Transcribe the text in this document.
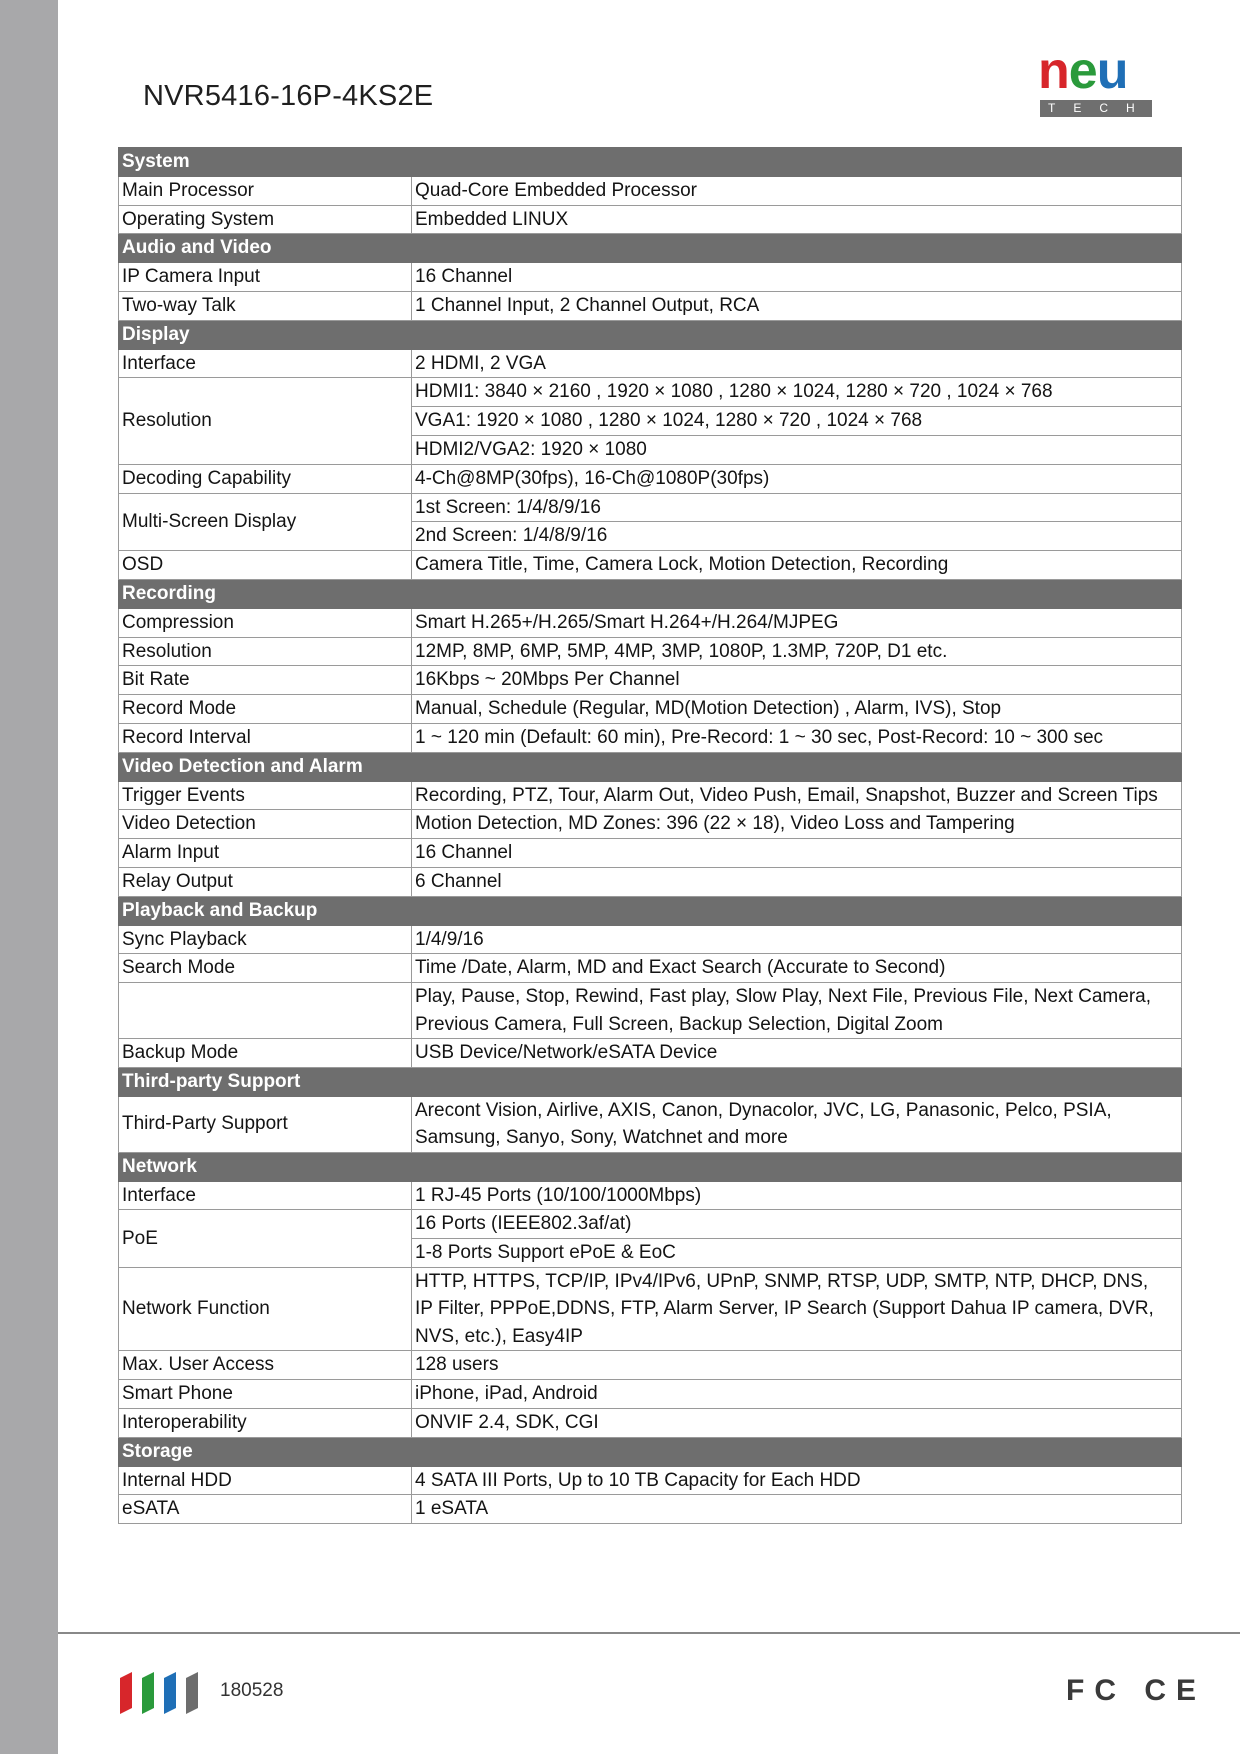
NVR5416-16P-4KS2E	neu
TECH
System	
Main Processor	Quad-Core Embedded Processor
Operating System	Embedded LINUX
Audio and Video	
IP Camera Input	16 Channel
Two-way Talk	1 Channel Input, 2 Channel Output, RCA
Display	
Interface	2 HDMI, 2 VGA
Resolution	HDMI1: 3840 × 2160 , 1920 × 1080 , 1280 × 1024, 1280 × 720 , 1024 × 768
	VGA1: 1920 × 1080 , 1280 × 1024, 1280 × 720 , 1024 × 768
	HDMI2/VGA2: 1920 × 1080
Decoding Capability	4-Ch@8MP(30fps), 16-Ch@1080P(30fps)
Multi-Screen Display	1st Screen: 1/4/8/9/16
	2nd Screen: 1/4/8/9/16
OSD	Camera Title, Time, Camera Lock, Motion Detection, Recording
Recording	
Compression	Smart H.265+/H.265/Smart H.264+/H.264/MJPEG
Resolution	12MP, 8MP, 6MP, 5MP, 4MP, 3MP, 1080P, 1.3MP, 720P, D1 etc.
Bit Rate	16Kbps ~ 20Mbps Per Channel
Record Mode	Manual, Schedule (Regular, MD(Motion Detection) , Alarm, IVS), Stop
Record Interval	1 ~ 120 min (Default: 60 min), Pre-Record: 1 ~ 30 sec, Post-Record: 10 ~ 300 sec
Video Detection and Alarm	
Trigger Events	Recording, PTZ, Tour, Alarm Out, Video Push, Email, Snapshot, Buzzer and Screen Tips
Video Detection	Motion Detection, MD Zones: 396 (22 × 18), Video Loss and Tampering
Alarm Input	16 Channel
Relay Output	6 Channel
Playback and Backup	
Sync Playback	1/4/9/16
Search Mode	Time /Date, Alarm, MD and Exact Search (Accurate to Second)
	Play, Pause, Stop, Rewind, Fast play, Slow Play, Next File, Previous File, Next Camera,
Previous Camera, Full Screen, Backup Selection, Digital Zoom
Backup Mode	USB Device/Network/eSATA Device
Third-party Support	
Third-Party Support	Arecont Vision, Airlive, AXIS, Canon, Dynacolor, JVC, LG, Panasonic, Pelco, PSIA,
Samsung, Sanyo, Sony, Watchnet and more
Network	
Interface	1 RJ-45 Ports (10/100/1000Mbps)
PoE	16 Ports (IEEE802.3af/at)
	1-8 Ports Support ePoE & EoC
Network Function	HTTP, HTTPS, TCP/IP, IPv4/IPv6, UPnP, SNMP, RTSP, UDP, SMTP, NTP, DHCP, DNS,
IP Filter, PPPoE,DDNS, FTP, Alarm Server, IP Search (Support Dahua IP camera, DVR,
NVS, etc.), Easy4IP
Max. User Access	128 users
Smart Phone	iPhone, iPad, Android
Interoperability	ONVIF 2.4, SDK, CGI
Storage	
Internal HDD	4 SATA III Ports, Up to 10 TB Capacity for Each HDD
eSATA	1 eSATA
180528	FC CE
